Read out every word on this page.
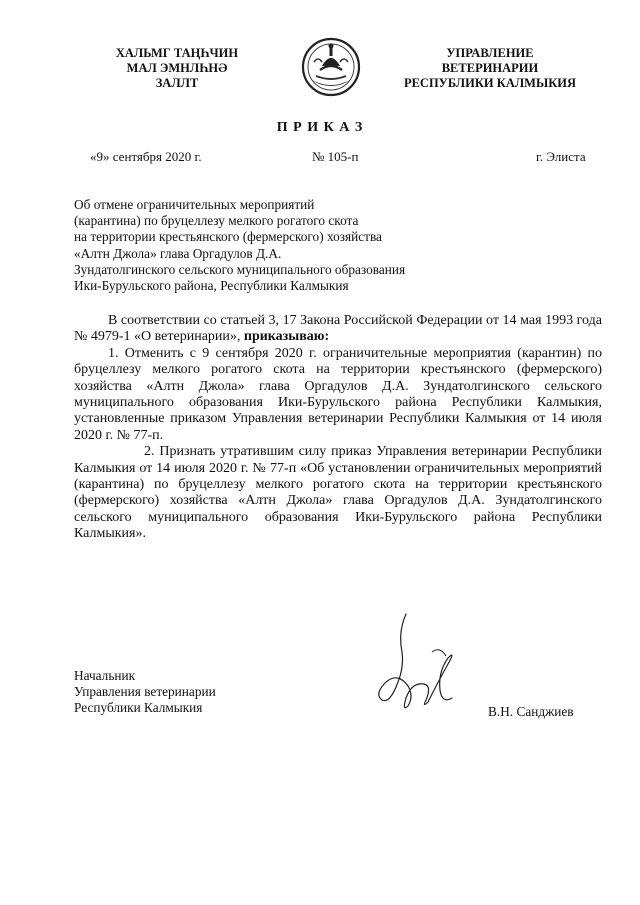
ХАЛЬМГ ТАҢҺЧИН
МАЛ ЭМНЛҺНӘ
ЗАЛЛТ
УПРАВЛЕНИЕ
ВЕТЕРИНАРИИ
РЕСПУБЛИКИ КАЛМЫКИЯ
П Р И К А З
«9» сентября 2020 г.	№ 105-п	г. Элиста
Об отмене ограничительных мероприятий
(карантина) по бруцеллезу мелкого рогатого скота
на территории крестьянского (фермерского) хозяйства
«Алтн Джола» глава Оргадулов Д.А.
Зундатолгинского сельского муниципального образования
Ики-Бурульского района, Республики Калмыкия

В соответствии со статьей 3, 17 Закона Российской Федерации от 14 мая 1993 года № 4979-1 «О ветеринарии», приказываю:

1. Отменить с 9 сентября 2020 г. ограничительные мероприятия (карантин) по бруцеллезу мелкого рогатого скота на территории крестьянского (фермерского) хозяйства «Алтн Джола» глава Оргадулов Д.А. Зундатолгинского сельского муниципального образования Ики-Бурульского района Республики Калмыкия, установленные приказом Управления ветеринарии Республики Калмыкия от 14 июля 2020 г. № 77-п.

2. Признать утратившим силу приказ Управления ветеринарии Республики Калмыкия от 14 июля 2020 г. № 77-п «Об установлении ограничительных мероприятий (карантина) по бруцеллезу мелкого рогатого скота на территории крестьянского (фермерского) хозяйства «Алтн Джола» глава Оргадулов Д.А. Зундатолгинского сельского муниципального образования Ики-Бурульского района Республики Калмыкия».

Начальник
Управления ветеринарии
Республики Калмыкия	В.Н. Санджиев
